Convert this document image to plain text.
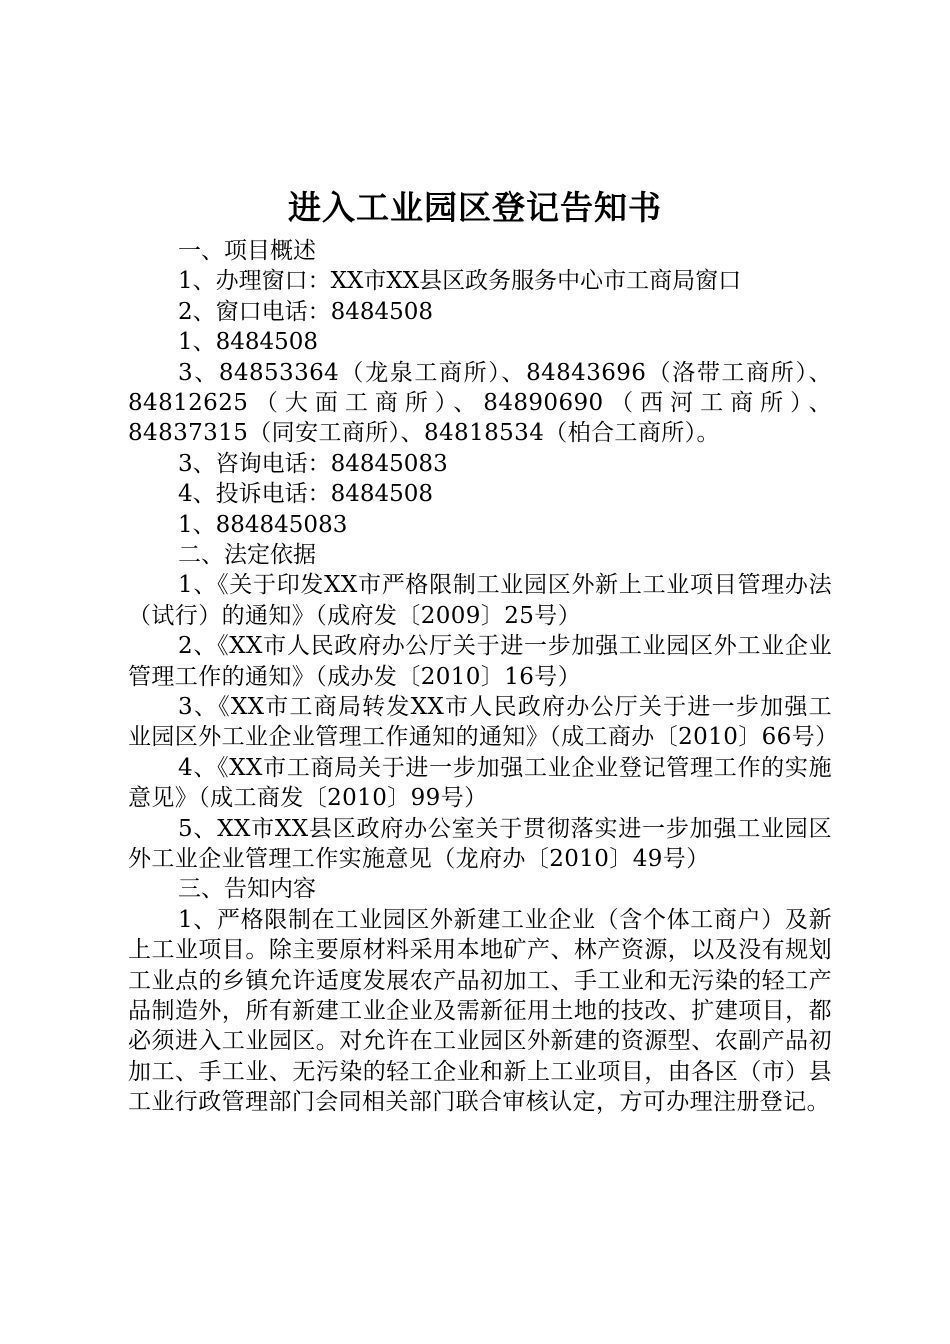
进入工业园区登记告知书
一、项目概述
1、办理窗口：XX市XX县区政务服务中心市工商局窗口
2、窗口电话：8484508
1、8484508

3、84853364（龙泉工商所）、84843696（洛带工商所）、84812625（大面工商所）、84890690（西河工商所）、84837315（同安工商所）、84818534（柏合工商所）。

3、咨询电话：84845083
4、投诉电话：8484508
1、884845083
二、法定依据

1、《关于印发XX市严格限制工业园区外新上工业项目管理办法（试行）的通知》（成府发〔2009〕25号）

2、《XX市人民政府办公厅关于进一步加强工业园区外工业企业管理工作的通知》（成办发〔2010〕16号）

3、《XX市工商局转发XX市人民政府办公厅关于进一步加强工业园区外工业企业管理工作通知的通知》（成工商办〔2010〕66号）

4、《XX市工商局关于进一步加强工业企业登记管理工作的实施意见》（成工商发〔2010〕99号）

5、XX市XX县区政府办公室关于贯彻落实进一步加强工业园区外工业企业管理工作实施意见（龙府办〔2010〕49号）

三、告知内容

1、严格限制在工业园区外新建工业企业（含个体工商户）及新上工业项目。除主要原材料采用本地矿产、林产资源，以及没有规划工业点的乡镇允许适度发展农产品初加工、手工业和无污染的轻工产品制造外，所有新建工业企业及需新征用土地的技改、扩建项目，都必须进入工业园区。对允许在工业园区外新建的资源型、农副产品初加工、手工业、无污染的轻工企业和新上工业项目，由各区（市）县工业行政管理部门会同相关部门联合审核认定，方可办理注册登记。
